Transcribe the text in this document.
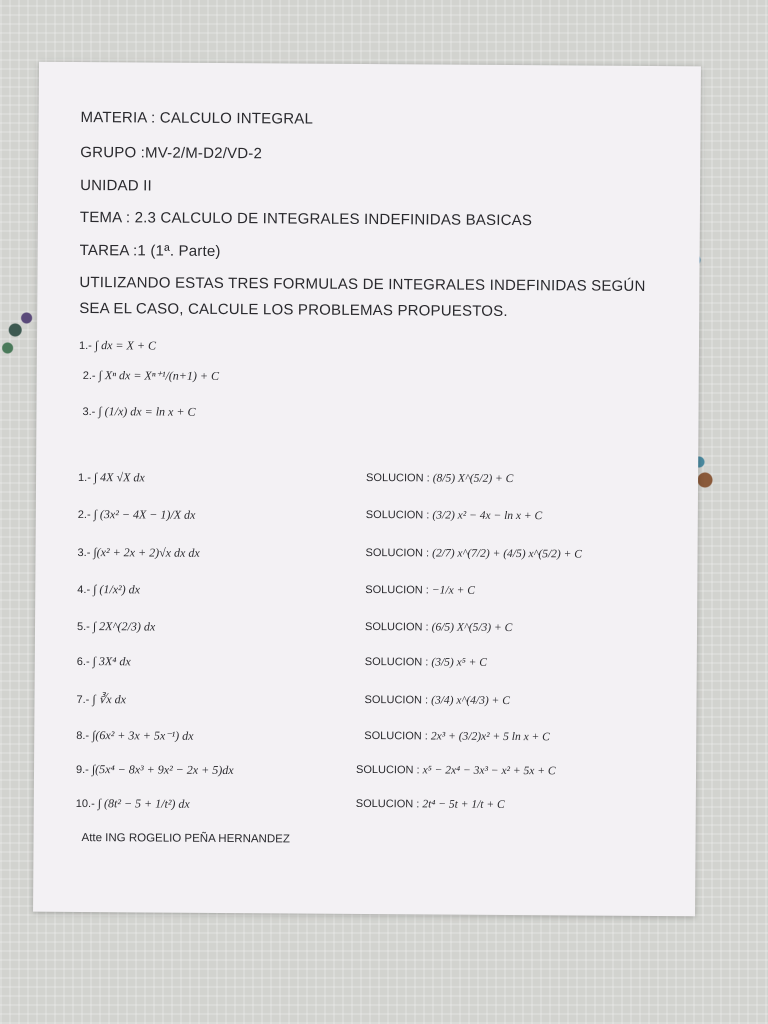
MATERIA : CALCULO INTEGRAL
GRUPO :MV-2/M-D2/VD-2
UNIDAD II
TEMA : 2.3 CALCULO DE INTEGRALES INDEFINIDAS BASICAS
TAREA :1 (1ª. Parte)
UTILIZANDO ESTAS TRES FORMULAS DE INTEGRALES INDEFINIDAS SEGÚN
SEA EL CASO, CALCULE LOS PROBLEMAS PROPUESTOS.
1.- ∫ dx = X + C
2.- ∫ Xⁿ dx = Xⁿ⁺¹/(n+1) + C
3.- ∫ (1/x) dx = ln x + C
1.- ∫ 4X √X dx	SOLUCION : (8/5) X^(5/2) + C
2.- ∫ (3x² − 4X − 1)/X dx	SOLUCION : (3/2) x² − 4x − ln x + C
3.- ∫(x² + 2x + 2)√x dx dx	SOLUCION : (2/7) x^(7/2) + (4/5) x^(5/2) + C
4.- ∫ (1/x²) dx	SOLUCION : −1/x + C
5.- ∫ 2X^(2/3) dx	SOLUCION : (6/5) X^(5/3) + C
6.- ∫ 3X⁴ dx	SOLUCION : (3/5) x⁵ + C
7.- ∫ ∛x dx	SOLUCION : (3/4) x^(4/3) + C
8.- ∫(6x² + 3x + 5x⁻¹) dx	SOLUCION : 2x³ + (3/2)x² + 5 ln x + C
9.- ∫(5x⁴ − 8x³ + 9x² − 2x + 5)dx	SOLUCION : x⁵ − 2x⁴ − 3x³ − x² + 5x + C
10.- ∫ (8t² − 5 + 1/t²) dx	SOLUCION : 2t⁴ − 5t + 1/t + C
Atte ING ROGELIO PEÑA HERNANDEZ
